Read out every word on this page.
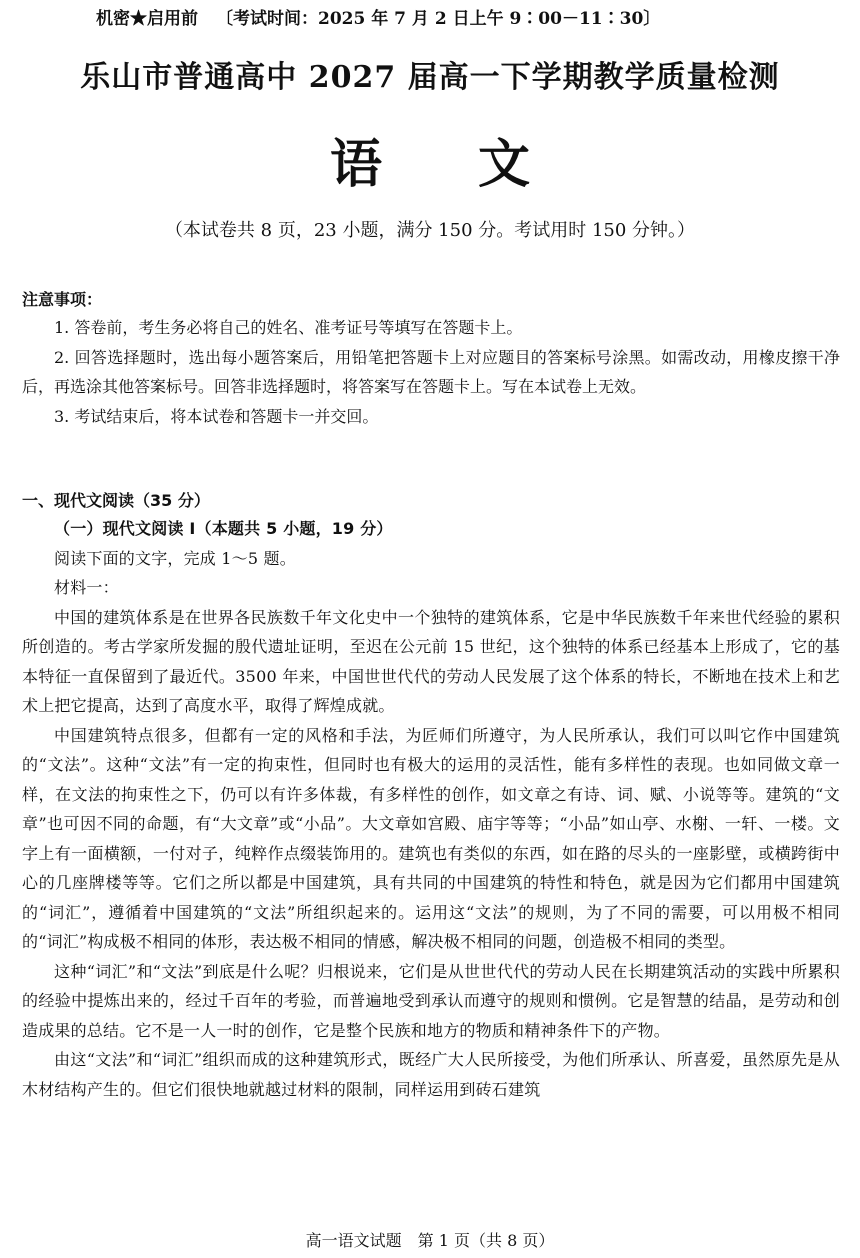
机密★启用前 〔考试时间：2025 年 7 月 2 日上午 9∶00－11∶30〕
乐山市普通高中 2027 届高一下学期教学质量检测
语文
（本试卷共 8 页，23 小题，满分 150 分。考试用时 150 分钟。）
注意事项：

1. 答卷前，考生务必将自己的姓名、准考证号等填写在答题卡上。

2. 回答选择题时，选出每小题答案后，用铅笔把答题卡上对应题目的答案标号涂黑。如需改动，用橡皮擦干净后，再选涂其他答案标号。回答非选择题时，将答案写在答题卡上。写在本试卷上无效。

3. 考试结束后，将本试卷和答题卡一并交回。

一、现代文阅读（35 分）

（一）现代文阅读 I（本题共 5 小题，19 分）

阅读下面的文字，完成 1～5 题。

材料一：

中国的建筑体系是在世界各民族数千年文化史中一个独特的建筑体系，它是中华民族数千年来世代经验的累积所创造的。考古学家所发掘的殷代遗址证明，至迟在公元前 15 世纪，这个独特的体系已经基本上形成了，它的基本特征一直保留到了最近代。3500 年来，中国世世代代的劳动人民发展了这个体系的特长，不断地在技术上和艺术上把它提高，达到了高度水平，取得了辉煌成就。

中国建筑特点很多，但都有一定的风格和手法，为匠师们所遵守，为人民所承认，我们可以叫它作中国建筑的“文法”。这种“文法”有一定的拘束性，但同时也有极大的运用的灵活性，能有多样性的表现。也如同做文章一样，在文法的拘束性之下，仍可以有许多体裁，有多样性的创作，如文章之有诗、词、赋、小说等等。建筑的“文章”也可因不同的命题，有“大文章”或“小品”。大文章如宫殿、庙宇等等；“小品”如山亭、水榭、一轩、一楼。文字上有一面横额，一付对子，纯粹作点缀装饰用的。建筑也有类似的东西，如在路的尽头的一座影壁，或横跨街中心的几座牌楼等等。它们之所以都是中国建筑，具有共同的中国建筑的特性和特色，就是因为它们都用中国建筑的“词汇”，遵循着中国建筑的“文法”所组织起来的。运用这“文法”的规则，为了不同的需要，可以用极不相同的“词汇”构成极不相同的体形，表达极不相同的情感，解决极不相同的问题，创造极不相同的类型。

这种“词汇”和“文法”到底是什么呢？归根说来，它们是从世世代代的劳动人民在长期建筑活动的实践中所累积的经验中提炼出来的，经过千百年的考验，而普遍地受到承认而遵守的规则和惯例。它是智慧的结晶，是劳动和创造成果的总结。它不是一人一时的创作，它是整个民族和地方的物质和精神条件下的产物。

由这“文法”和“词汇”组织而成的这种建筑形式，既经广大人民所接受，为他们所承认、所喜爱，虽然原先是从木材结构产生的。但它们很快地就越过材料的限制，同样运用到砖石建筑

高一语文试题　第 1 页（共 8 页）
